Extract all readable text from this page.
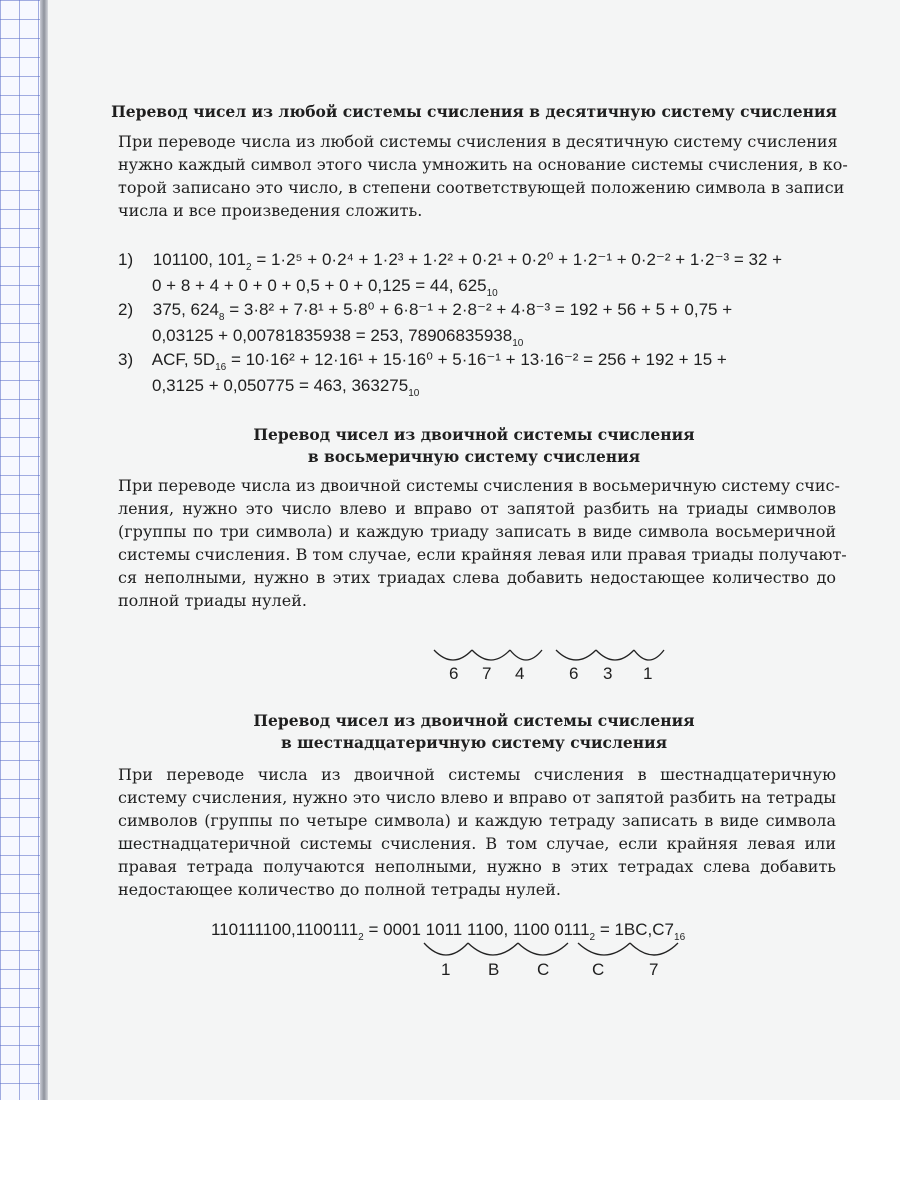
Перевод чисел из любой системы счисления в десятичную систему счисления
При переводе числа из любой системы счисления в десятичную систему счисления
нужно каждый символ этого числа умножить на основание системы счисления, в ко-
торой записано это число, в степени соответствующей положению символа в записи
числа и все произведения сложить.
1) 101100, $101_2 = 1\cdot 2^5 + 0\cdot 2^4 + 1\cdot 2^3 + 1\cdot 2^2 + 0\cdot 2^1 + 0\cdot 2^0 + 1\cdot 2^{-1} + 0\cdot 2^{-2} + 1\cdot 2^{-3} = 32$ +
0 + 8 + 4 + 0 + 0 + 0,5 + 0 + 0,125 = 44, $625_{10}$
2) 375, $624_8 = 3\cdot 8^2 + 7\cdot 8^1 + 5\cdot 8^0 + 6\cdot 8^{-1} + 2\cdot 8^{-2} + 4\cdot 8^{-3} = 192 + 56 + 5 + 0,75$ +
0,03125 + 0,00781835938 = 253, $78906835938_{10}$
3) ACF, $5D_{16} = 10\cdot 16^2 + 12\cdot 16^1 + 15\cdot 16^0 + 5\cdot 16^{-1} + 13\cdot 16^{-2} = 256 + 192 + 15$ +
0,3125 + 0,050775 = 463, $363275_{10}$
Перевод чисел из двоичной системы счисления
в восьмеричную систему счисления
При переводе числа из двоичной системы счисления в восьмеричную систему счис-
ления, нужно это число влево и вправо от запятой разбить на триады символов
(группы по три символа) и каждую триаду записать в виде символа восьмеричной
системы счисления. В том случае, если крайняя левая или правая триады получают-
ся неполными, нужно в этих триадах слева добавить недостающее количество до
полной триады нулей.
6 7 4	6 3 1
Перевод чисел из двоичной системы счисления
в шестнадцатеричную систему счисления
При переводе числа из двоичной системы счисления в шестнадцатеричную
систему счисления, нужно это число влево и вправо от запятой разбить на тетрады
символов (группы по четыре символа) и каждую тетраду записать в виде символа
шестнадцатеричной системы счисления. В том случае, если крайняя левая или
правая тетрада получаются неполными, нужно в этих тетрадах слева добавить
недостающее количество до полной тетрады нулей.
$110111100,1100111_2 = 0001$ 1011 1100, 1100 $0111_2 = 1BC,C7_{16}$
1 B C	C	7
